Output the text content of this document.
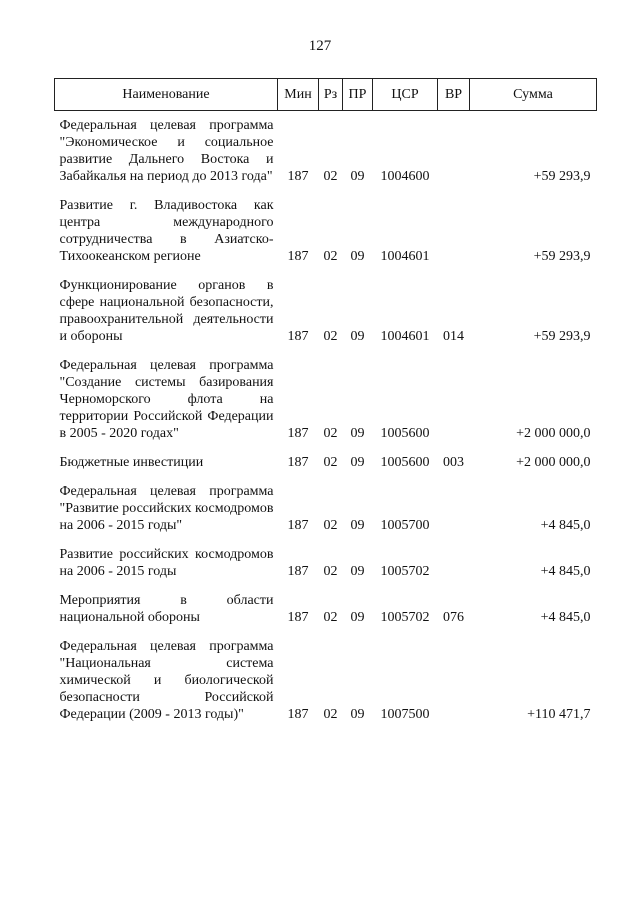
127
Наименование	Мин	Рз	ПР	ЦСР	ВР	Сумма

Федеральная целевая программа "Экономическое и социальное развитие Дальнего Востока и Забайкалья на период до 2013 года"	187	02	09	1004600		+59 293,9

Развитие г. Владивостока как центра международного сотрудничества в Азиатско-Тихоокеанском регионе	187	02	09	1004601		+59 293,9

Функционирование органов в сфере национальной безопасности, правоохранительной деятельности и обороны	187	02	09	1004601	014	+59 293,9

Федеральная целевая программа "Создание системы базирования Черноморского флота на территории Российской Федерации в 2005 - 2020 годах"	187	02	09	1005600		+2 000 000,0

Бюджетные инвестиции	187	02	09	1005600	003	+2 000 000,0

Федеральная целевая программа "Развитие российских космодромов на 2006 - 2015 годы"	187	02	09	1005700		+4 845,0

Развитие российских космодромов на 2006 - 2015 годы	187	02	09	1005702		+4 845,0

Мероприятия в области национальной обороны	187	02	09	1005702	076	+4 845,0

Федеральная целевая программа "Национальная система химической и биологической безопасности Российской Федерации (2009 - 2013 годы)"	187	02	09	1007500		+110 471,7
